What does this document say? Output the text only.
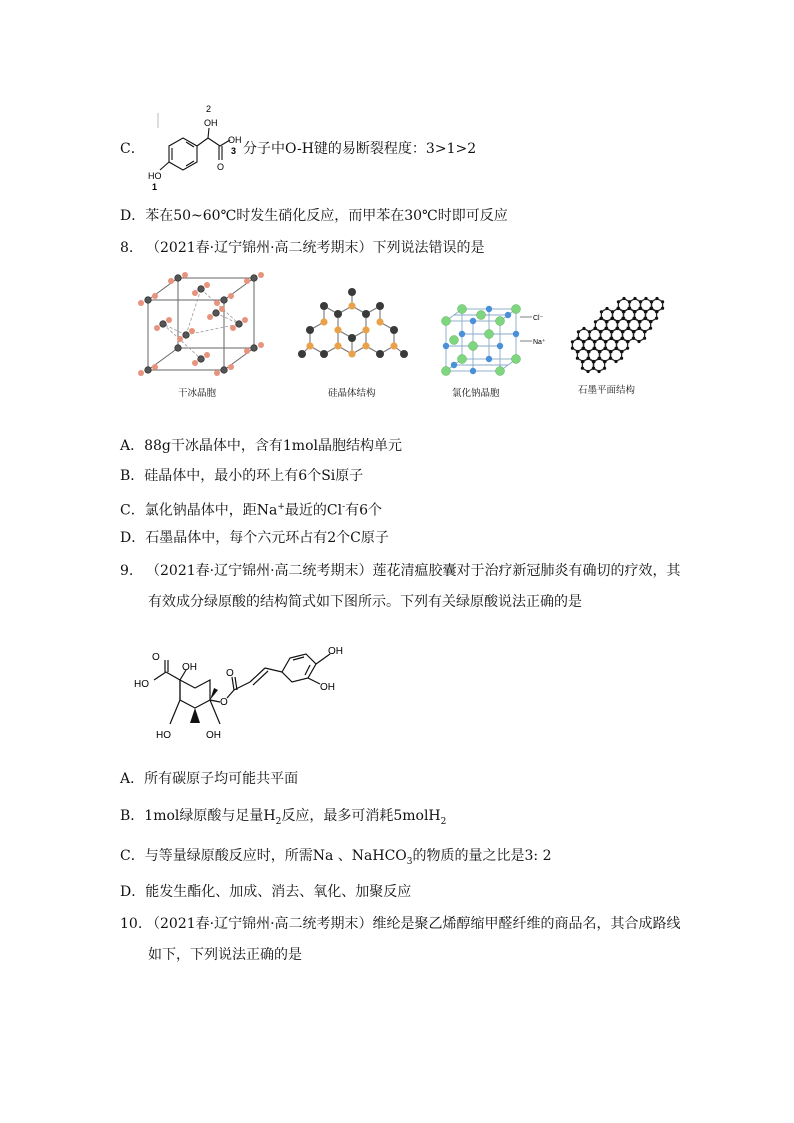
C．
2
OH
OH
3
O
HO
1
分子中O-H键的易断裂程度：3>1>2
D．苯在50~60℃时发生硝化反应，而甲苯在30℃时即可反应
8. （2021春·辽宁锦州·高二统考期末）下列说法错误的是
干冰晶胞	硅晶体结构
Cl⁻
Na⁺
氯化钠晶胞	石墨平面结构
A．88g干冰晶体中，含有1mol晶胞结构单元
B．硅晶体中，最小的环上有6个Si原子
C．氯化钠晶体中，距Na+最近的Cl-有6个
D．石墨晶体中，每个六元环占有2个C原子
9. （2021春·辽宁锦州·高二统考期末）莲花清瘟胶囊对于治疗新冠肺炎有确切的疗效，其
有效成分绿原酸的结构简式如下图所示。下列有关绿原酸说法正确的是
O
HO
OH
O
O
OH
OH
HO	OH
A．所有碳原子均可能共平面
B．1mol绿原酸与足量$H_2$反应，最多可消耗5molH$_2$
C．与等量绿原酸反应时，所需Na 、NaHCO$_3$的物质的量之比是3: 2
D．能发生酯化、加成、消去、氧化、加聚反应
10. （2021春·辽宁锦州·高二统考期末）维纶是聚乙烯醇缩甲醛纤维的商品名，其合成路线
如下，下列说法正确的是
